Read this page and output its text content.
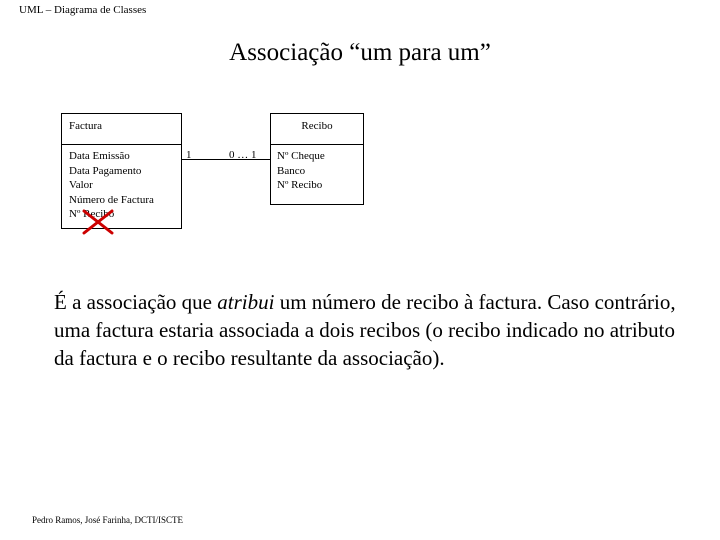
UML – Diagrama de Classes
Associação “um para um”
Factura
Data Emissão
Data Pagamento
Valor
Número de Factura
Nº Recibo
1	0 … 1
Recibo
Nº Cheque
Banco
Nº Recibo
É a associação que atribui um número de recibo à factura. Caso contrário, uma factura estaria associada a dois recibos (o recibo indicado no atributo da factura e o recibo resultante da associação).
Pedro Ramos, José Farinha, DCTI/ISCTE
